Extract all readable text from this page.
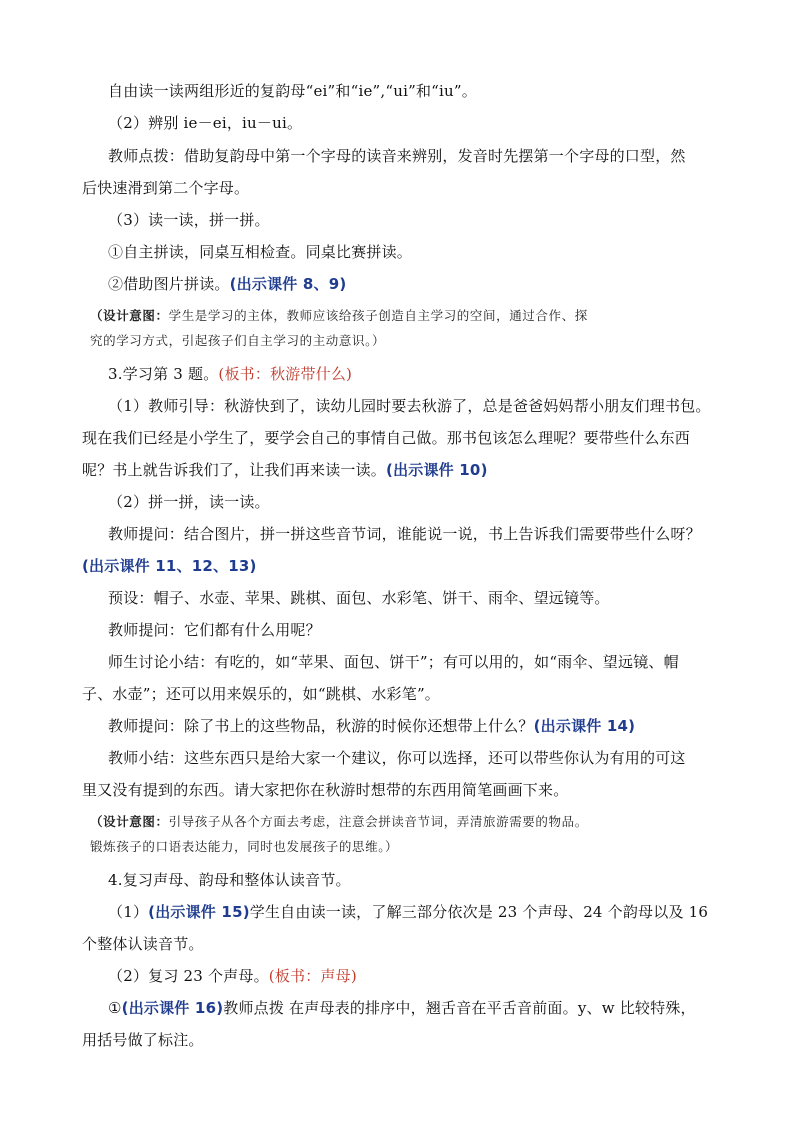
自由读一读两组形近的复韵母“ei”和“ie”,“ui”和“iu”。
（2）辨别 ie－ei，iu－ui。
教师点拨：借助复韵母中第一个字母的读音来辨别，发音时先摆第一个字母的口型，然
后快速滑到第二个字母。
（3）读一读，拼一拼。
①自主拼读，同桌互相检查。同桌比赛拼读。
②借助图片拼读。(出示课件 8、9)
（设计意图：学生是学习的主体，教师应该给孩子创造自主学习的空间，通过合作、探
究的学习方式，引起孩子们自主学习的主动意识。）
3.学习第 3 题。(板书：秋游带什么)
（1）教师引导：秋游快到了，读幼儿园时要去秋游了，总是爸爸妈妈帮小朋友们理书包。
现在我们已经是小学生了，要学会自己的事情自己做。那书包该怎么理呢？要带些什么东西
呢？书上就告诉我们了，让我们再来读一读。(出示课件 10)
（2）拼一拼，读一读。
教师提问：结合图片，拼一拼这些音节词，谁能说一说，书上告诉我们需要带些什么呀？
(出示课件 11、12、13)
预设：帽子、水壶、苹果、跳棋、面包、水彩笔、饼干、雨伞、望远镜等。
教师提问：它们都有什么用呢？
师生讨论小结：有吃的，如“苹果、面包、饼干”；有可以用的，如“雨伞、望远镜、帽
子、水壶”；还可以用来娱乐的，如“跳棋、水彩笔”。
教师提问：除了书上的这些物品，秋游的时候你还想带上什么？(出示课件 14)
教师小结：这些东西只是给大家一个建议，你可以选择，还可以带些你认为有用的可这
里又没有提到的东西。请大家把你在秋游时想带的东西用简笔画画下来。
（设计意图：引导孩子从各个方面去考虑，注意会拼读音节词，弄清旅游需要的物品。
锻炼孩子的口语表达能力，同时也发展孩子的思维。）
4.复习声母、韵母和整体认读音节。
（1）(出示课件 15)学生自由读一读，了解三部分依次是 23 个声母、24 个韵母以及 16
个整体认读音节。
（2）复习 23 个声母。(板书：声母)
①(出示课件 16)教师点拨 在声母表的排序中，翘舌音在平舌音前面。y、w 比较特殊，
用括号做了标注。
